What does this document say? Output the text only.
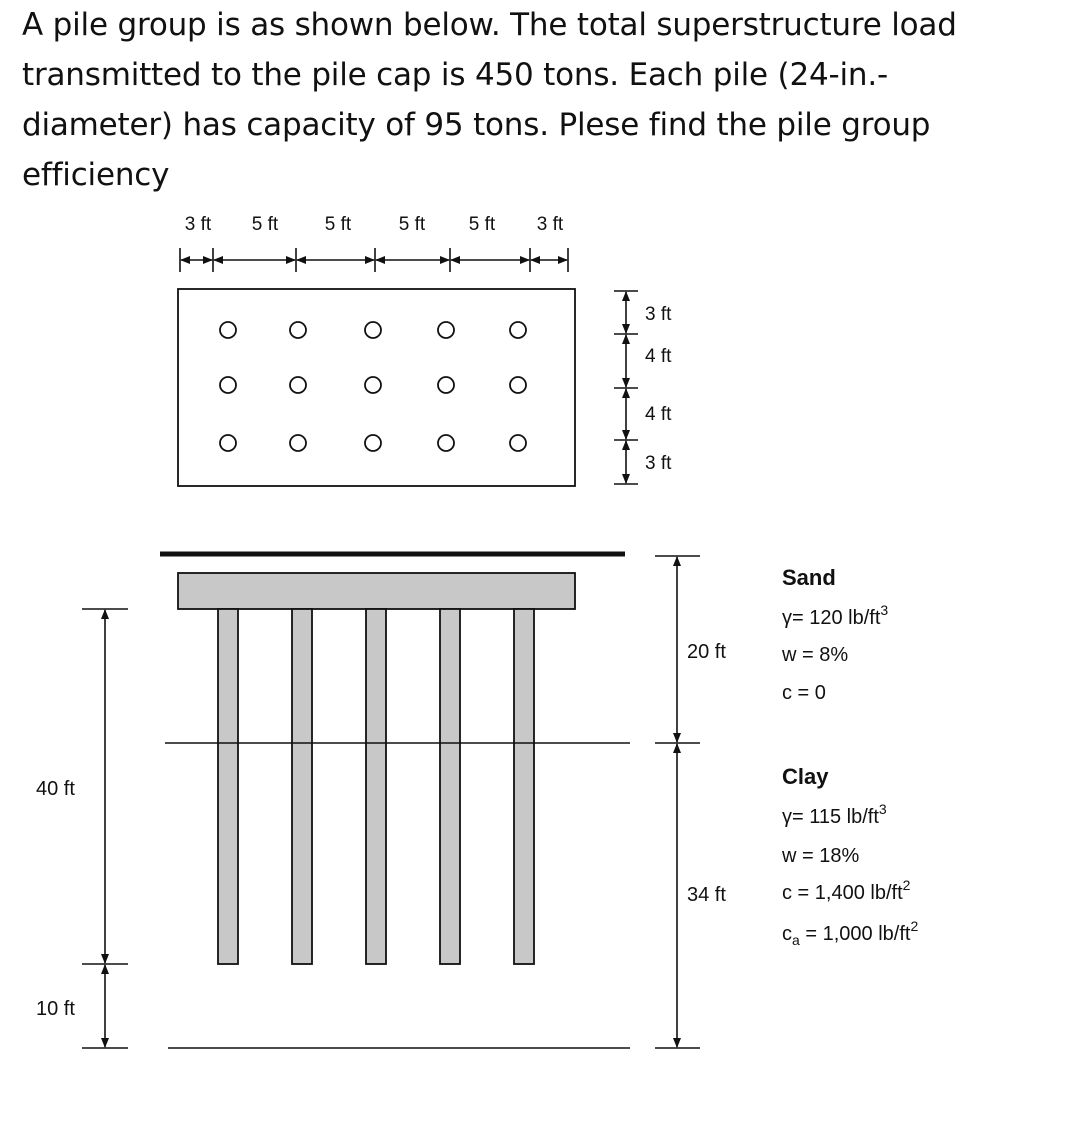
A pile group is as shown below. The total superstructure load
transmitted to the pile cap is 450 tons. Each pile (24-in.-
diameter) has capacity of 95 tons. Plese find the pile group
efficiency
3 ft 5 ft 5 ft	5 ft 5 ft 3 ft
3 ft
4 ft
4 ft
3 ft
40 ft
10 ft
20 ft
34 ft
Sand
γ= 120 $lb/ft^3$
w = 8%
c = 0
Clay
γ= 115 $lb/ft^3$
w = 18%
c = 1,400 $lb/ft^2$
$c_a = 1,000$ $lb/ft^2$
